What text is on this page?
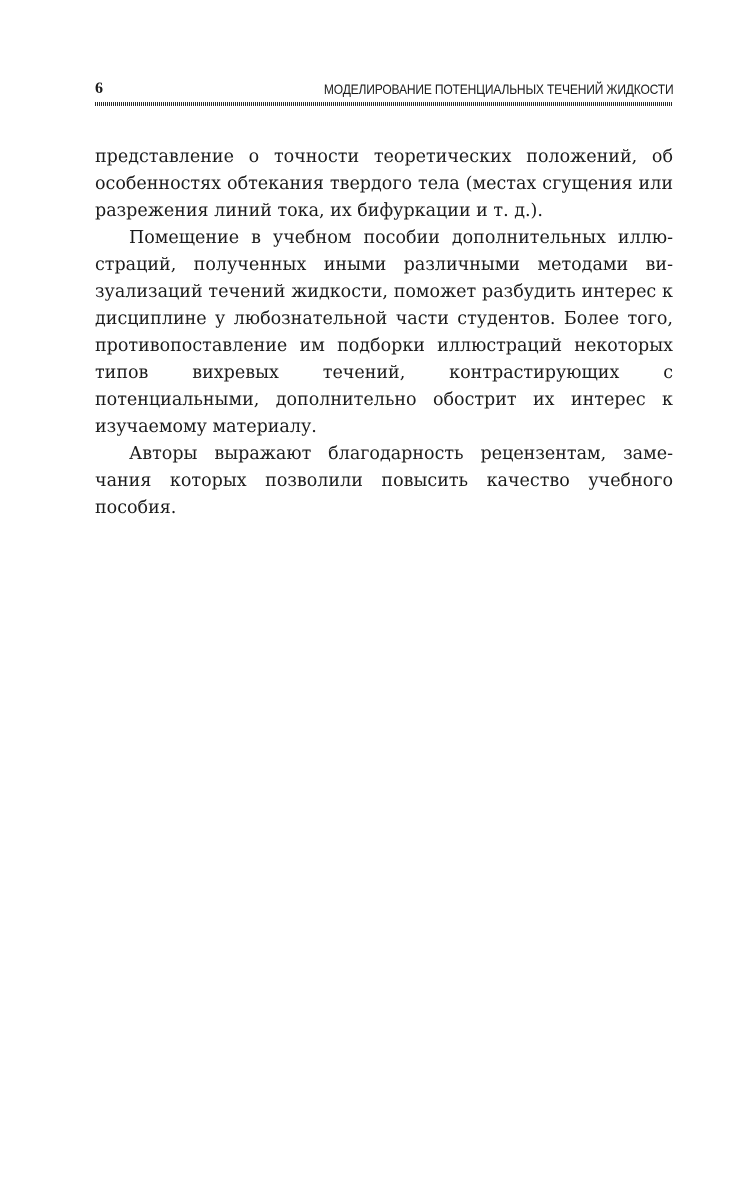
6	МОДЕЛИРОВАНИЕ ПОТЕНЦИАЛЬНЫХ ТЕЧЕНИЙ ЖИДКОСТИ

представление о точности теоретических положений, об особенностях обтекания твердого тела (местах сгущения или разрежения линий тока, их бифуркации и т. д.).

Помещение в учебном пособии дополнительных иллюстраций, полученных иными различными методами визуализаций течений жидкости, поможет разбудить интерес к дисциплине у любознательной части студентов. Более того, противопоставление им подборки иллюстраций некоторых типов вихревых течений, контрастирующих с потенциальными, дополнительно обострит их интерес к изучаемому материалу.

Авторы выражают благодарность рецензентам, замечания которых позволили повысить качество учебного пособия.
